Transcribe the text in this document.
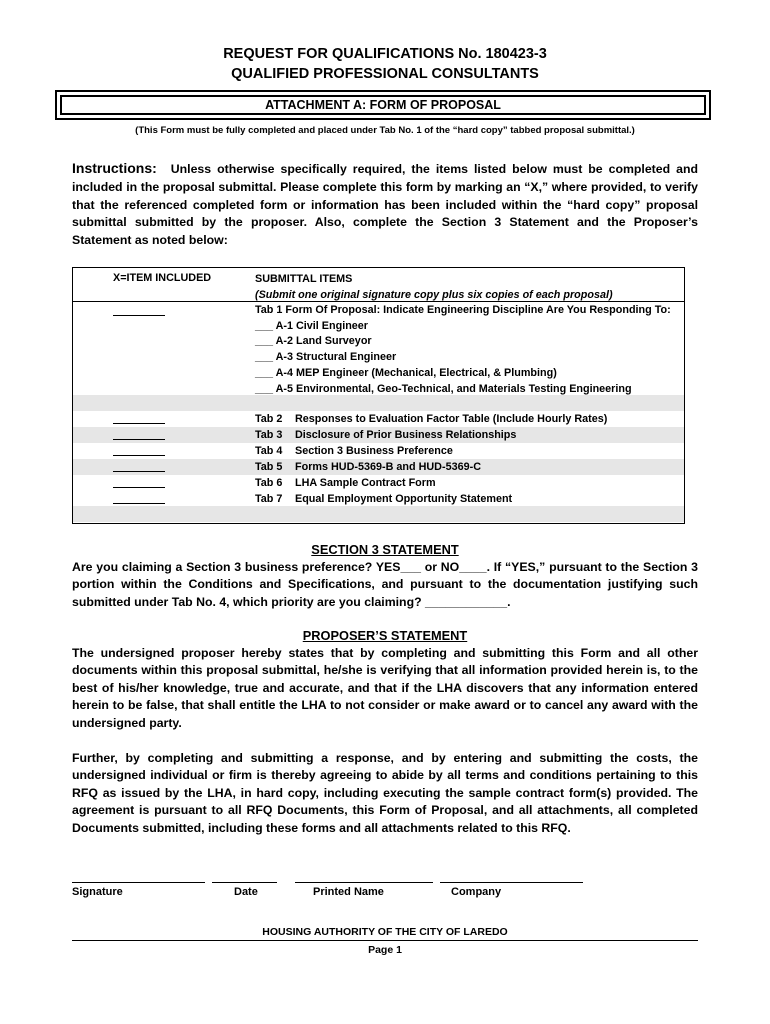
REQUEST FOR QUALIFICATIONS No. 180423-3
QUALIFIED PROFESSIONAL CONSULTANTS
ATTACHMENT A: FORM OF PROPOSAL
(This Form must be fully completed and placed under Tab No. 1 of the “hard copy” tabbed proposal submittal.)
Instructions: Unless otherwise specifically required, the items listed below must be completed and included in the proposal submittal. Please complete this form by marking an “X,” where provided, to verify that the referenced completed form or information has been included within the “hard copy” proposal submittal submitted by the proposer. Also, complete the Section 3 Statement and the Proposer’s Statement as noted below:
X=ITEM INCLUDED	SUBMITTAL ITEMS
(Submit one original signature copy plus six copies of each proposal)
Tab 1 Form Of Proposal: Indicate Engineering Discipline Are You Responding To:
___ A-1 Civil Engineer
___ A-2 Land Surveyor
___ A-3 Structural Engineer
___ A-4 MEP Engineer (Mechanical, Electrical, & Plumbing)
___ A-5 Environmental, Geo-Technical, and Materials Testing Engineering
Tab 2 Responses to Evaluation Factor Table (Include Hourly Rates)
Tab 3 Disclosure of Prior Business Relationships
Tab 4 Section 3 Business Preference
Tab 5 Forms HUD-5369-B and HUD-5369-C
Tab 6 LHA Sample Contract Form
Tab 7 Equal Employment Opportunity Statement
SECTION 3 STATEMENT
Are you claiming a Section 3 business preference? YES___ or NO____. If “YES,” pursuant to the Section 3 portion within the Conditions and Specifications, and pursuant to the documentation justifying such submitted under Tab No. 4, which priority are you claiming? ____________.
PROPOSER’S STATEMENT
The undersigned proposer hereby states that by completing and submitting this Form and all other documents within this proposal submittal, he/she is verifying that all information provided herein is, to the best of his/her knowledge, true and accurate, and that if the LHA discovers that any information entered herein to be false, that shall entitle the LHA to not consider or make award or to cancel any award with the undersigned party.
Further, by completing and submitting a response, and by entering and submitting the costs, the undersigned individual or firm is thereby agreeing to abide by all terms and conditions pertaining to this RFQ as issued by the LHA, in hard copy, including executing the sample contract form(s) provided. The agreement is pursuant to all RFQ Documents, this Form of Proposal, and all attachments, all completed Documents submitted, including these forms and all attachments related to this RFQ.
Signature	Date	Printed Name	Company
HOUSING AUTHORITY OF THE CITY OF LAREDO
Page 1
